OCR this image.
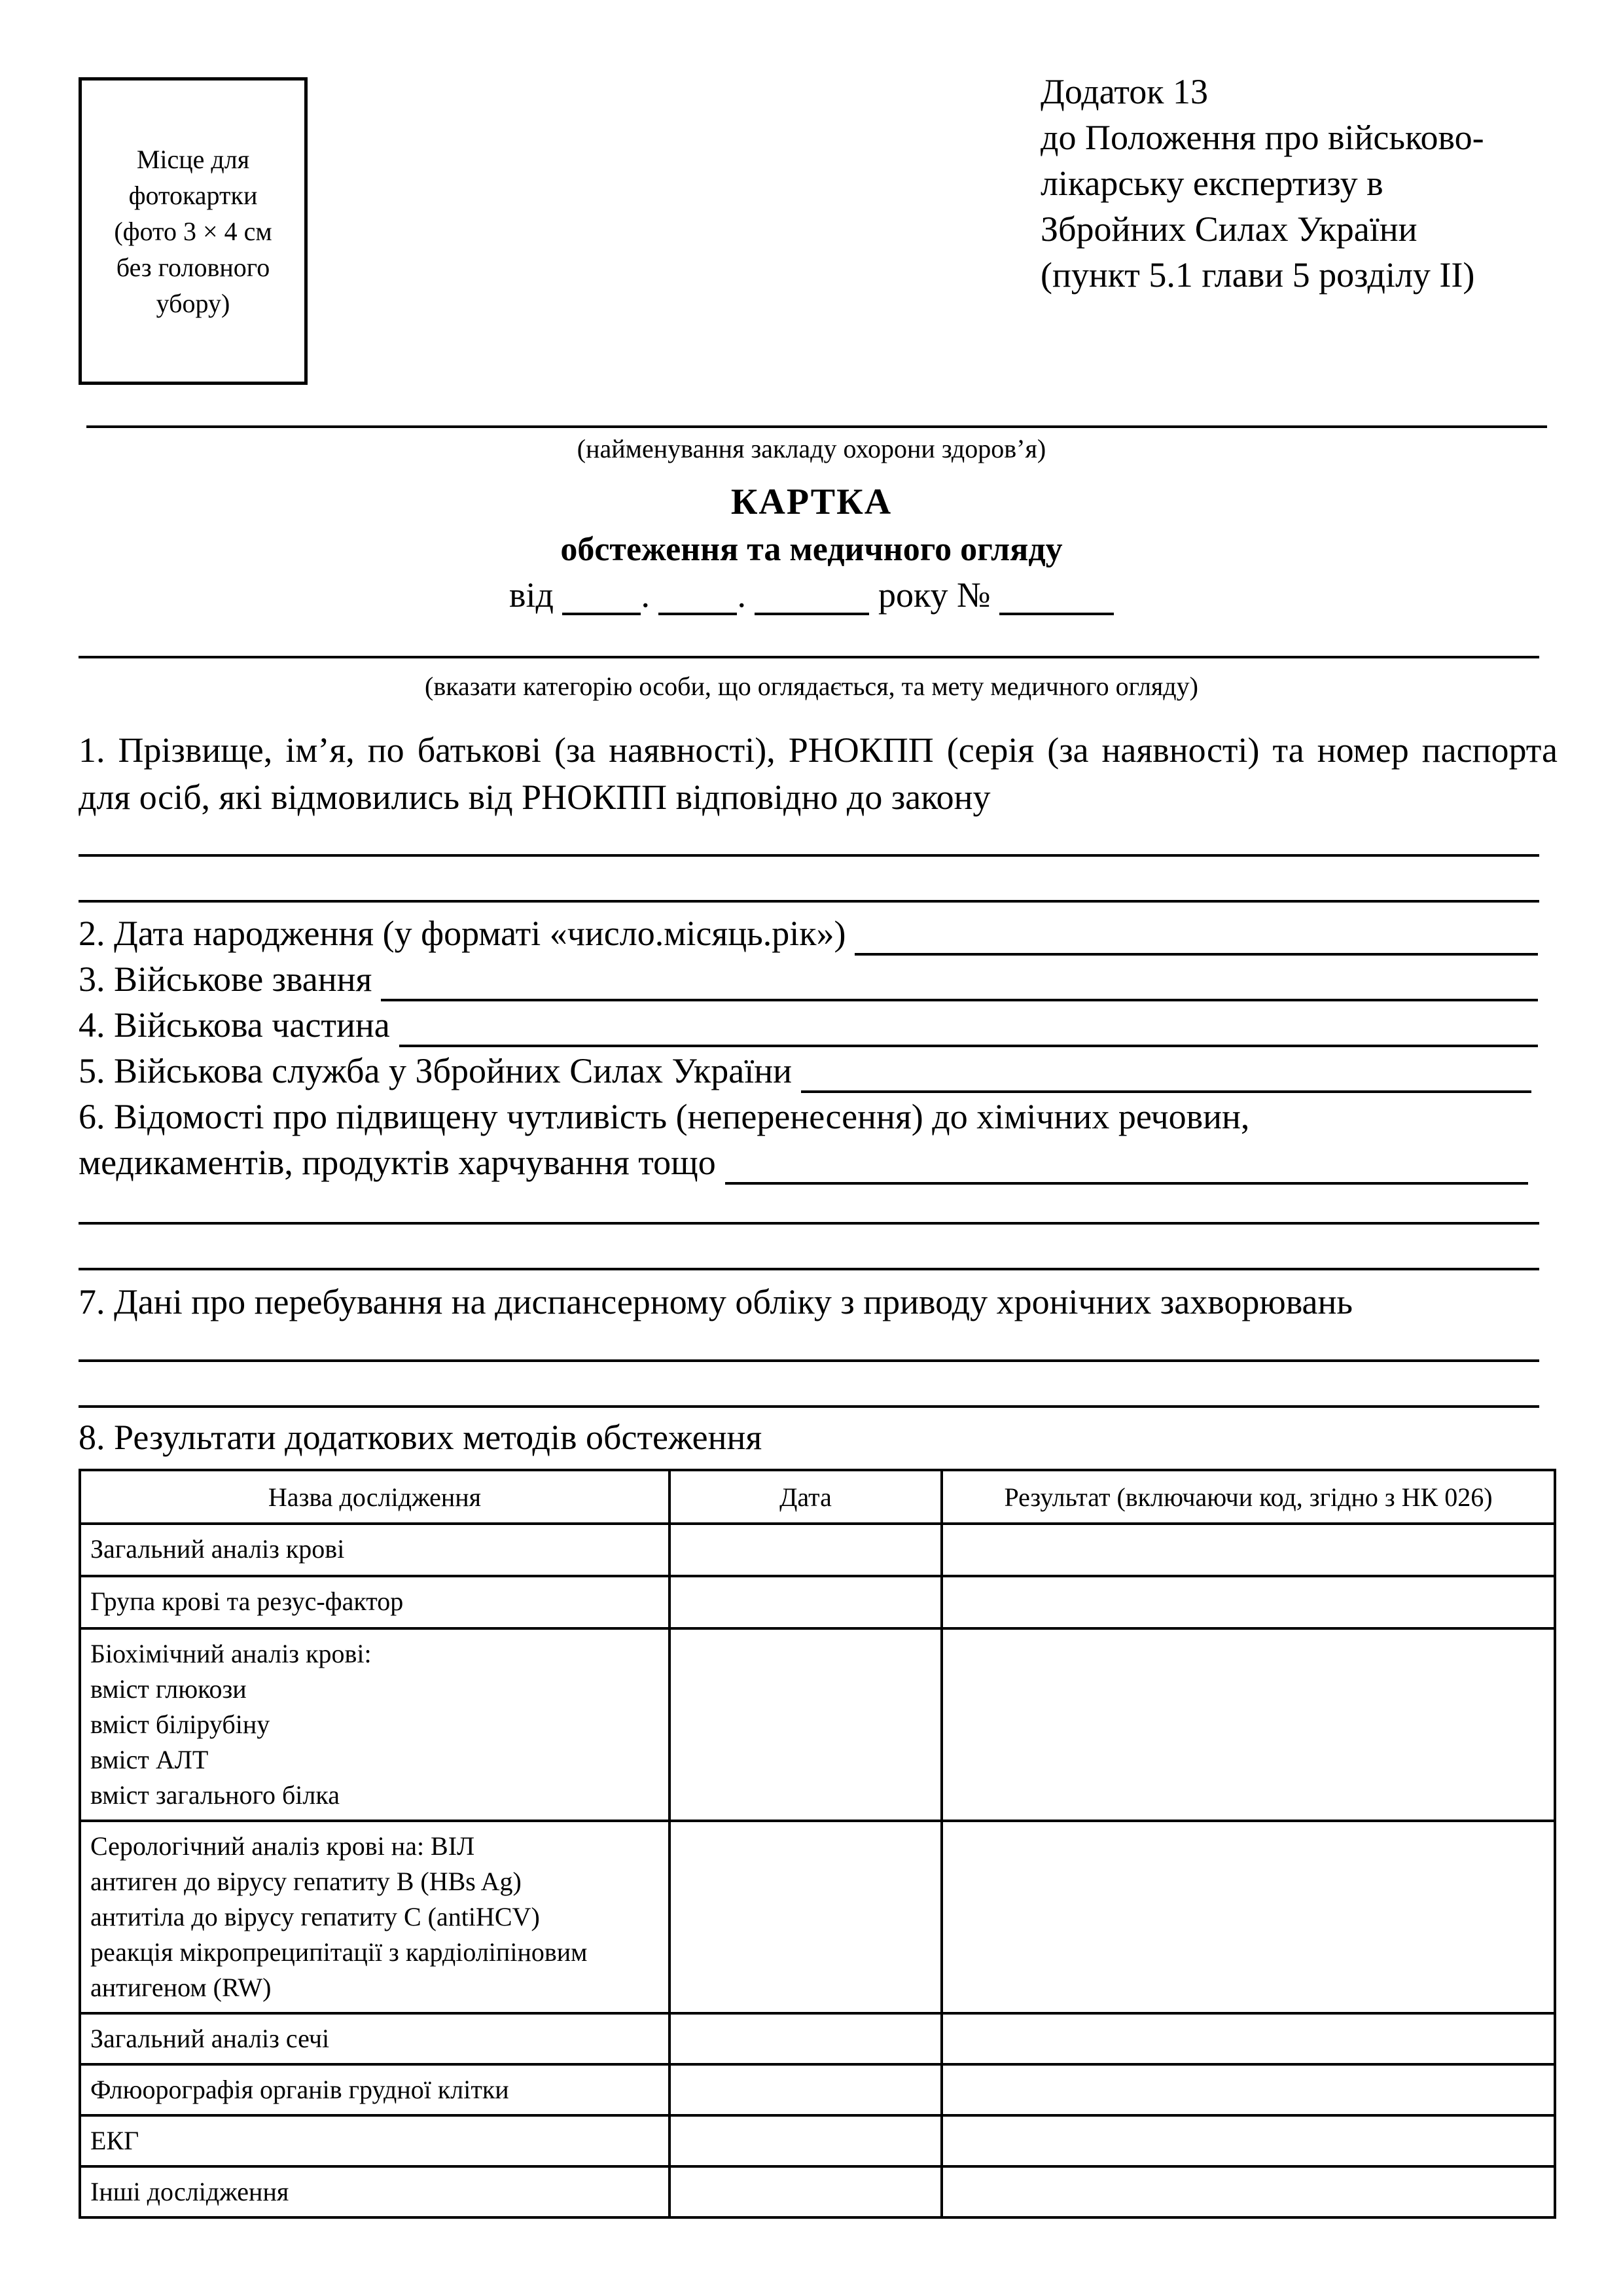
Місце для
фотокартки
(фото 3 × 4 см
без головного
убору)
Додаток 13
до Положення про військово-
лікарську експертизу в
Збройних Силах України
(пункт 5.1 глави 5 розділу II)
(найменування закладу охорони здоров’я)
КАРТКА
обстеження та медичного огляду
від . .	року №
(вказати категорію особи, що оглядається, та мету медичного огляду)
1. Прізвище, ім’я, по батькові (за наявності), РНОКПП (серія (за наявності) та номер паспорта для осіб, які відмовились від РНОКПП відповідно до закону
2. Дата народження (у форматі «число.місяць.рік»)
3. Військове звання
4. Військова частина
5. Військова служба у Збройних Силах України
6. Відомості про підвищену чутливість (неперенесення) до хімічних речовин,
медикаментів, продуктів харчування тощо
7. Дані про перебування на диспансерному обліку з приводу хронічних захворювань
8. Результати додаткових методів обстеження
Назва дослідження	Дата	Результат (включаючи код, згідно з НК 026)

Загальний аналіз крові		

Група крові та резус-фактор		

Біохімічний аналіз крові:
вміст глюкози
вміст білірубіну
вміст АЛТ
вміст загального білка		

Серологічний аналіз крові на: ВІЛ
антиген до вірусу гепатиту В (HBs Ag)
антитіла до вірусу гепатиту С (antiHCV)
реакція мікропреципітації з кардіоліпіновим
антигеном (RW)		

Загальний аналіз сечі		

Флюорографія органів грудної клітки		

ЕКГ		

Інші дослідження		
